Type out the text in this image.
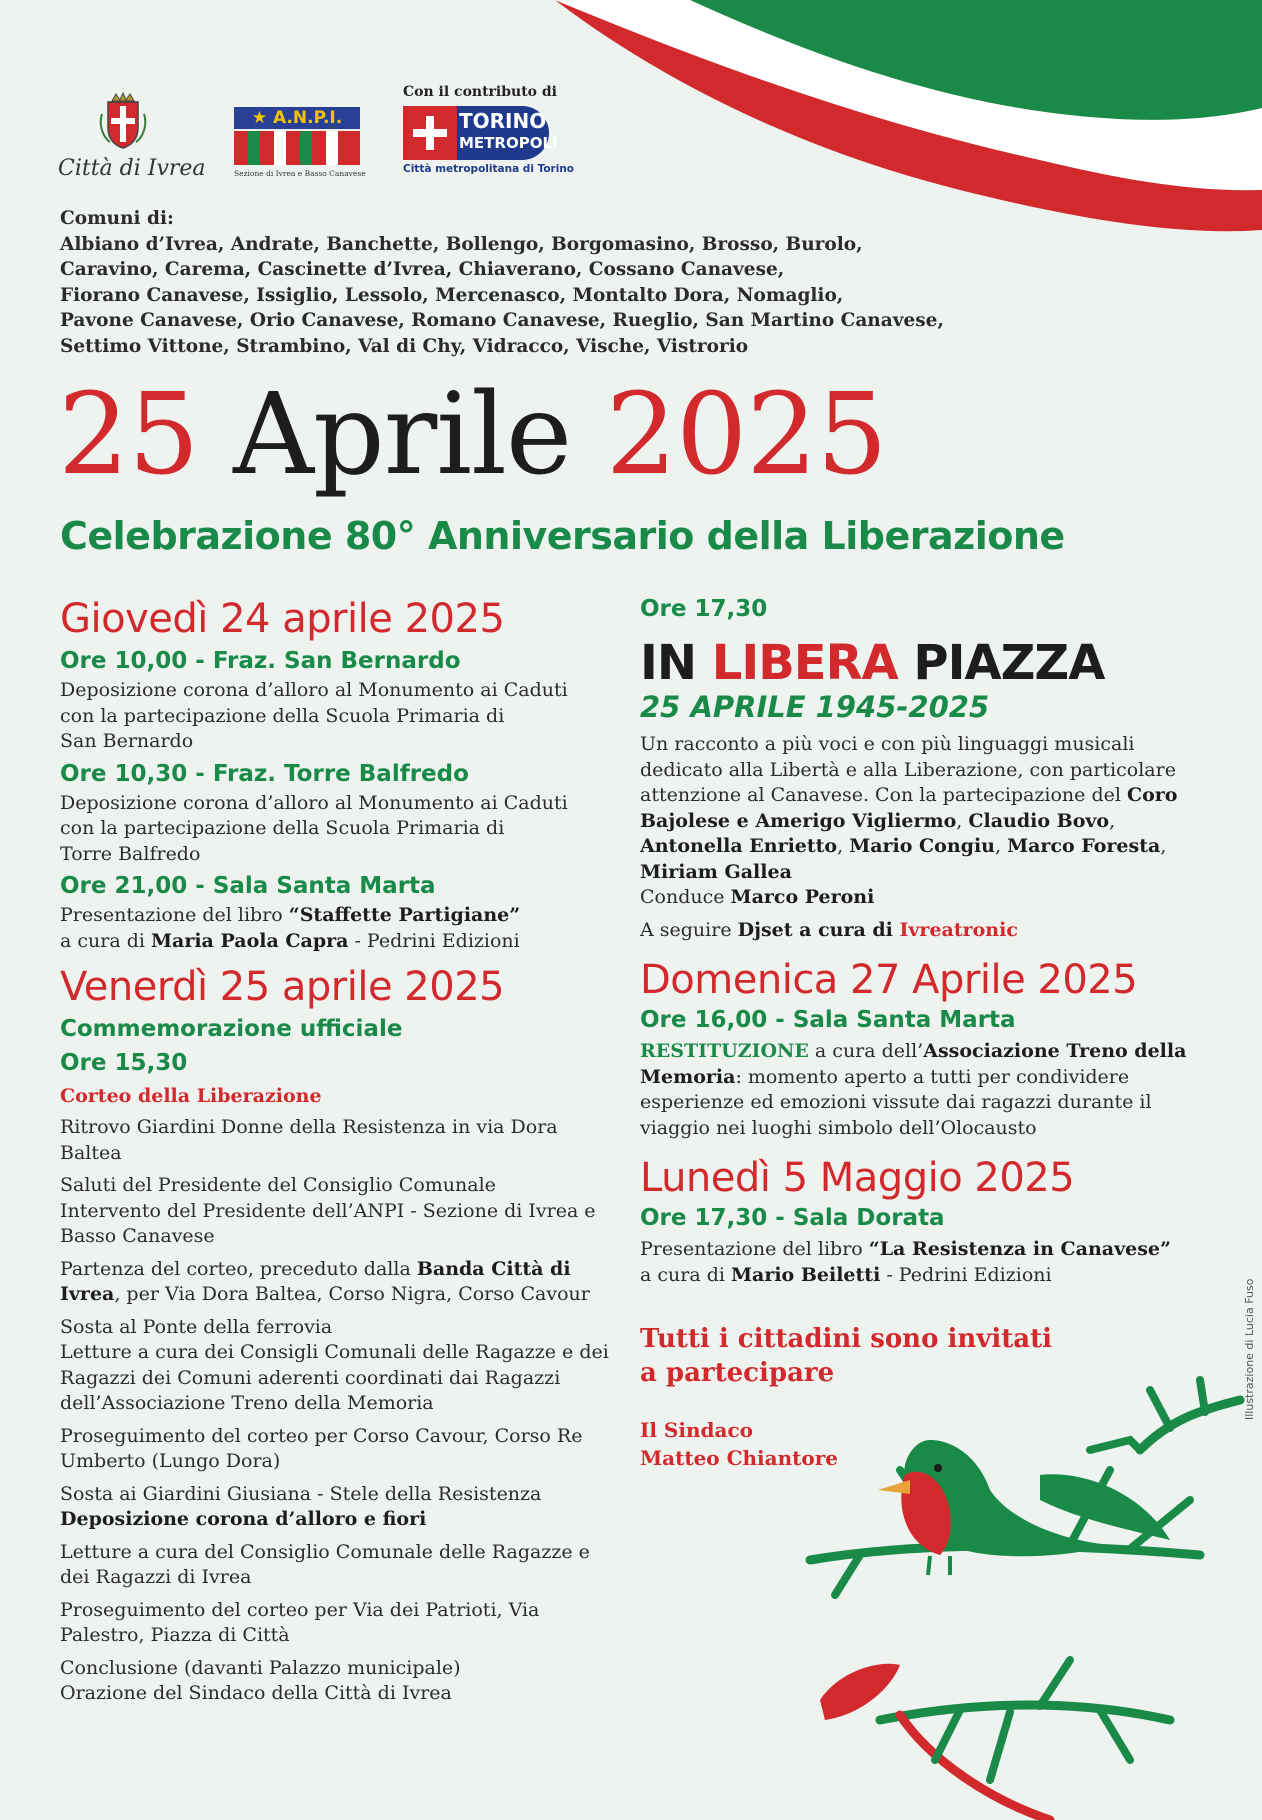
Città di Ivrea
★ A.N.P.I.
Sezione di Ivrea e Basso Canavese
Con il contributo di
TORINO
METROPOLI
Città metropolitana di Torino
Comuni di:
Albiano d’Ivrea, Andrate, Banchette, Bollengo, Borgomasino, Brosso, Burolo,
Caravino, Carema, Cascinette d’Ivrea, Chiaverano, Cossano Canavese,
Fiorano Canavese, Issiglio, Lessolo, Mercenasco, Montalto Dora, Nomaglio,
Pavone Canavese, Orio Canavese, Romano Canavese, Rueglio, San Martino Canavese,
Settimo Vittone, Strambino, Val di Chy, Vidracco, Vische, Vistrorio
25 Aprile 2025
Celebrazione 80° Anniversario della Liberazione
Giovedì 24 aprile 2025
Ore 10,00 - Fraz. San Bernardo
Deposizione corona d’alloro al Monumento ai Caduti
con la partecipazione della Scuola Primaria di
San Bernardo
Ore 10,30 - Fraz. Torre Balfredo
Deposizione corona d’alloro al Monumento ai Caduti
con la partecipazione della Scuola Primaria di
Torre Balfredo
Ore 21,00 - Sala Santa Marta
Presentazione del libro “Staffette Partigiane”
a cura di Maria Paola Capra - Pedrini Edizioni
Venerdì 25 aprile 2025
Commemorazione ufficiale
Ore 15,30
Corteo della Liberazione
Ritrovo Giardini Donne della Resistenza in via Dora Baltea
Saluti del Presidente del Consiglio Comunale
Intervento del Presidente dell’ANPI - Sezione di Ivrea e Basso Canavese
Partenza del corteo, preceduto dalla Banda Città di Ivrea, per Via Dora Baltea, Corso Nigra, Corso Cavour
Sosta al Ponte della ferrovia
Letture a cura dei Consigli Comunali delle Ragazze e dei Ragazzi dei Comuni aderenti coordinati dai Ragazzi dell’Associazione Treno della Memoria
Proseguimento del corteo per Corso Cavour, Corso Re Umberto (Lungo Dora)
Sosta ai Giardini Giusiana - Stele della Resistenza
Deposizione corona d’alloro e fiori
Letture a cura del Consiglio Comunale delle Ragazze e dei Ragazzi di Ivrea
Proseguimento del corteo per Via dei Patrioti, Via Palestro, Piazza di Città
Conclusione (davanti Palazzo municipale)
Orazione del Sindaco della Città di Ivrea
Ore 17,30
IN LIBERA PIAZZA
25 APRILE 1945-2025
Un racconto a più voci e con più linguaggi musicali dedicato alla Libertà e alla Liberazione, con particolare attenzione al Canavese. Con la partecipazione del Coro Bajolese e Amerigo Vigliermo, Claudio Bovo, Antonella Enrietto, Mario Congiu, Marco Foresta, Miriam Gallea
Conduce Marco Peroni
A seguire Djset a cura di Ivreatronic
Domenica 27 Aprile 2025
Ore 16,00 - Sala Santa Marta
RESTITUZIONE a cura dell’Associazione Treno della Memoria: momento aperto a tutti per condividere esperienze ed emozioni vissute dai ragazzi durante il viaggio nei luoghi simbolo dell’Olocausto
Lunedì 5 Maggio 2025
Ore 17,30 - Sala Dorata
Presentazione del libro “La Resistenza in Canavese”
a cura di Mario Beiletti - Pedrini Edizioni
Tutti i cittadini sono invitati
a partecipare
Il Sindaco
Matteo Chiantore
Illustrazione di Lucia Fuso
